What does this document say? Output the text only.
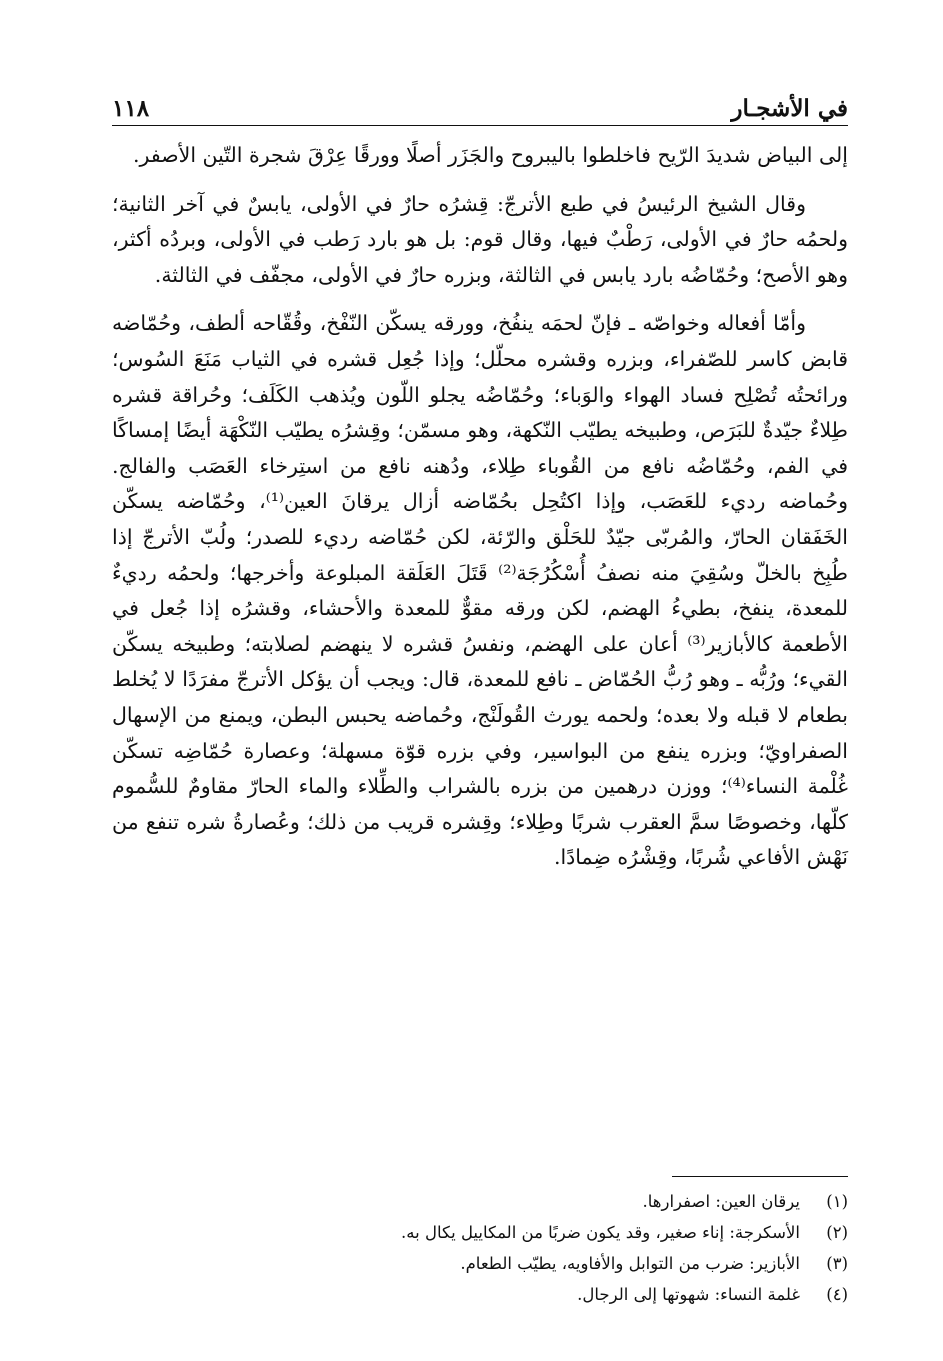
في الأشجـار
١١٨

إلى البياض شديدَ الرّيح فاخلطوا باليبروح والجَزَر أصلًا وورقًا عِرْقَ شجرة التّين الأصفر.

وقال الشيخ الرئيسُ في طبع الأترجّ: قِشرُه حارٌ في الأولى، يابسٌ في آخر الثانية؛ ولحمُه حارٌ في الأولى، رَطْبٌ فيها، وقال قوم: بل هو بارد رَطب في الأولى، وبردُه أكثر، وهو الأصح؛ وحُمّاضُه بارد يابس في الثالثة، وبزره حارٌ في الأولى، مجفّف في الثالثة.

وأمّا أفعاله وخواصّه ـ فإنّ لحمَه ينفُخ، وورقه يسكّن النّفْخ، وقُقّاحه ألطف، وحُمّاضه قابض كاسر للصّفراء، وبزره وقشره محلّل؛ وإذا جُعِل قشره في الثياب مَنَعَ السُوس؛ ورائحتُه تُصْلِح فساد الهواء والوَباء؛ وحُمّاضُه يجلو اللّون ويُذهب الكَلَف؛ وحُراقة قشره طِلاءٌ جيّدةٌ للبَرَص، وطبيخه يطيّب النّكهة، وهو مسمّن؛ وقِشرُه يطيّب النّكْهَة أيضًا إمساكًا في الفم، وحُمّاضُه نافع من القُوباء طِلاء، ودُهنه نافع من استِرخاء العَصَب والفالج. وحُماضه رديء للعَصَب، وإذا اكتُحِل بحُمّاضه أزال يرقانَ العين⁽¹⁾، وحُمّاضه يسكّن الخَفَقان الحارّ، والمُربّى جيّدٌ للحَلْق والرّئة، لكن حُمّاضه رديء للصدر؛ ولُبّ الأترجّ إذا طُبِخ بالخلّ وسُقِيَ منه نصفُ أُسْكُرُجَة⁽²⁾ قَتَلَ العَلَقة المبلوعة وأخرجها؛ ولحمُه رديءٌ للمعدة، ينفخ، بطيءُ الهضم، لكن ورقه مقوٌّ للمعدة والأحشاء، وقشرُه إذا جُعل في الأطعمة كالأبازير⁽³⁾ أعان على الهضم، ونفسُ قشره لا ينهضم لصلابته؛ وطبيخه يسكّن القيء؛ ورُبُّه ـ وهو رُبُّ الحُمّاض ـ نافع للمعدة، قال: ويجب أن يؤكل الأترجّ مفرَدًا لا يُخلط بطعام لا قبله ولا بعده؛ ولحمه يورث القُولَنْج، وحُماضه يحبس البطن، ويمنع من الإسهال الصفراويّ؛ وبزره ينفع من البواسير، وفي بزره قوّة مسهلة؛ وعصارة حُمّاضِه تسكّن غُلْمة النساء⁽⁴⁾؛ ووزن درهمين من بزره بالشراب والطِّلاء والماء الحارّ مقاومٌ للسُّموم كلّها، وخصوصًا سمَّ العقرب شربًا وطِلاء؛ وقِشره قريب من ذلك؛ وعُصارةُ شره تنفع من نَهْش الأفاعي شُربًا، وقِشْرُه ضِمادًا.

(١)
يرقان العين: اصفرارها.
(٢)
الأسكرجة: إناء صغير، وقد يكون ضربًا من المكاييل يكال به.
(٣)
الأبازير: ضرب من التوابل والأفاويه، يطيّب الطعام.
(٤)
غلمة النساء: شهوتها إلى الرجال.
